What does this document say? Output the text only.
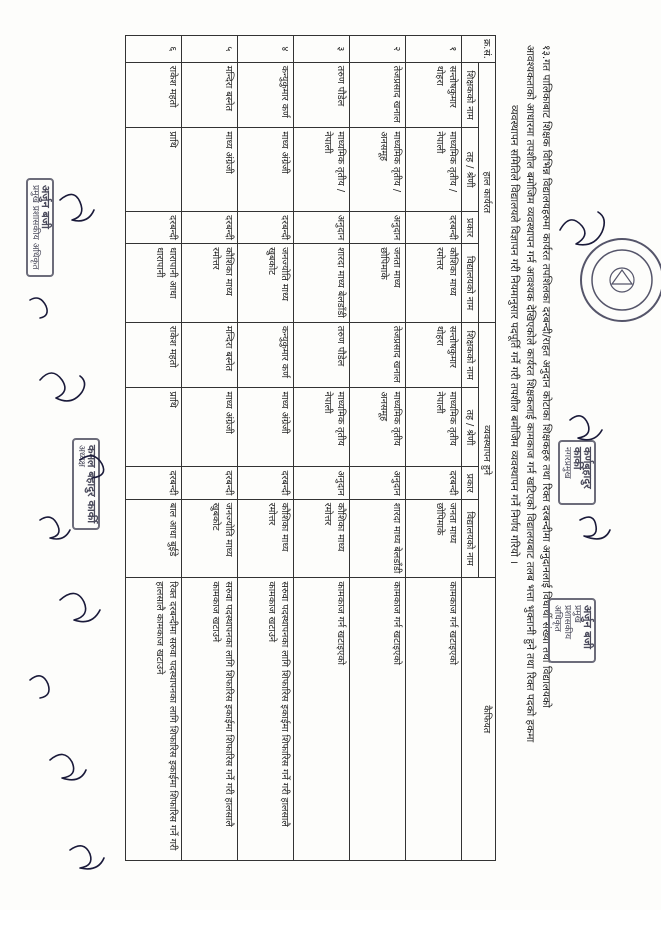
१३.गत पालिकाबाट शिक्षक विभिन्न विद्यालयहरुमा कार्यरत तपशिलका दरबन्दी/राहत अनुदान कोटाका शिक्षकहरु तथा रिक्त दरबन्दीमा अनुदानलाई विधार्थी संख्या तथा विद्यालयको
आवश्यकताको आधारमा तपशील बमोजिम व्यवस्थापन गर्न आवश्यक देखिएकोले कार्यरत शिक्षकलाई कामकाज गर्न खटिएको विद्यालयबाट तलब भत्ता भुक्तानी हुने तथा रिक्त पदको हकमा
व्यवस्थापन समितिले विद्यालयले विज्ञापन गरी नियमानुसार पदपूर्ति गर्ने गरी तपशील बमोजिम व्यवस्थापन गर्ने निर्णय गरियो ।
क्र.सं.	हाल कार्यरत				व्यवस्थापन हुने				कैफियत
	शिक्षकको नाम	तह / श्रेणी	प्रकार	विद्यालयको नाम	शिक्षकको नाम	तह / श्रेणी	प्रकार	विद्यालयको नाम	
१	सन्तोषकुमार थोहरा	माध्यमिक तृतीय / नेपाली	दरबन्दी	कौशिका माध्य रमोत्तर	सन्तोषकुमार थोहरा	माध्यमिक तृतीय नेपाली	दरबन्दी	जनता माध्य छोपिमाके	कामकाज गर्न खटाइएको
२	तेजप्रसाद खनाल	माध्यमिक तृतीय / अनसमूह	अनुदान	जनता माध्य छोपिमाके	तेजप्रसाद खनाल	माध्यमिक तृतीय अनसमूह	अनुदान	शारदा माध्य बेलडाँडी	कामकाज गर्न खटाइएको
३	तरुण पौडेल	माध्यमिक तृतीय / नेपाली	अनुदान	शारदा माध्य बेलडाँडी	तरुण पौडेल	माध्यमिक तृतीय नेपाली	अनुदान	कौशिका माध्य रमोत्तर	कामकाज गर्न खटाइएको
४	कन्युकुमार कर्ण	माध्य अंग्रेजी	दरबन्दी	जनज्योति माध्य खुबकोट	कन्युकुमार कर्ण	माध्य अंग्रेजी	दरबन्दी	कौशिका माध्य रमोत्तर	सरुवा पदस्थापनका लागि शिफारिस इकाईमा शिफारिस गर्ने गरी हालसालै कामकाज खटाउने
५	मन्दिरा बस्नेत	माध्य अंग्रेजी	दरबन्दी	कौशिका माध्य रमोत्तर	मन्दिरा बस्नेत	माध्य अंग्रेजी	दरबन्दी	जनज्योति माध्य खुबकोट	सरुवा पदस्थापनका लागि शिफारिस इकाईमा शिफारिस गर्ने गरी हालसालै कामकाज खटाउने
६	राकेश महतो	प्राथि	दरबन्दी	धारापानी आधा धारापानी	राकेश महतो	प्राथि	दरबन्दी	बाल आधा बुईडे	रिक्त दरबन्दीमा सरुवा पदस्थापनका लागि शिफारिस इकाईमा शिफारिस गर्ने गरी हालसालै कामकाज खटाउने
अर्जुन बजी
प्रमुख प्रशासकीय अधिकृत
अर्जुन बजी
प्रमुख प्रशासकीय अधिकृत
कमल बहादुर कार्की
अध्यक्ष	कर्णबहादुर कार्की
नगरप्रमुख
